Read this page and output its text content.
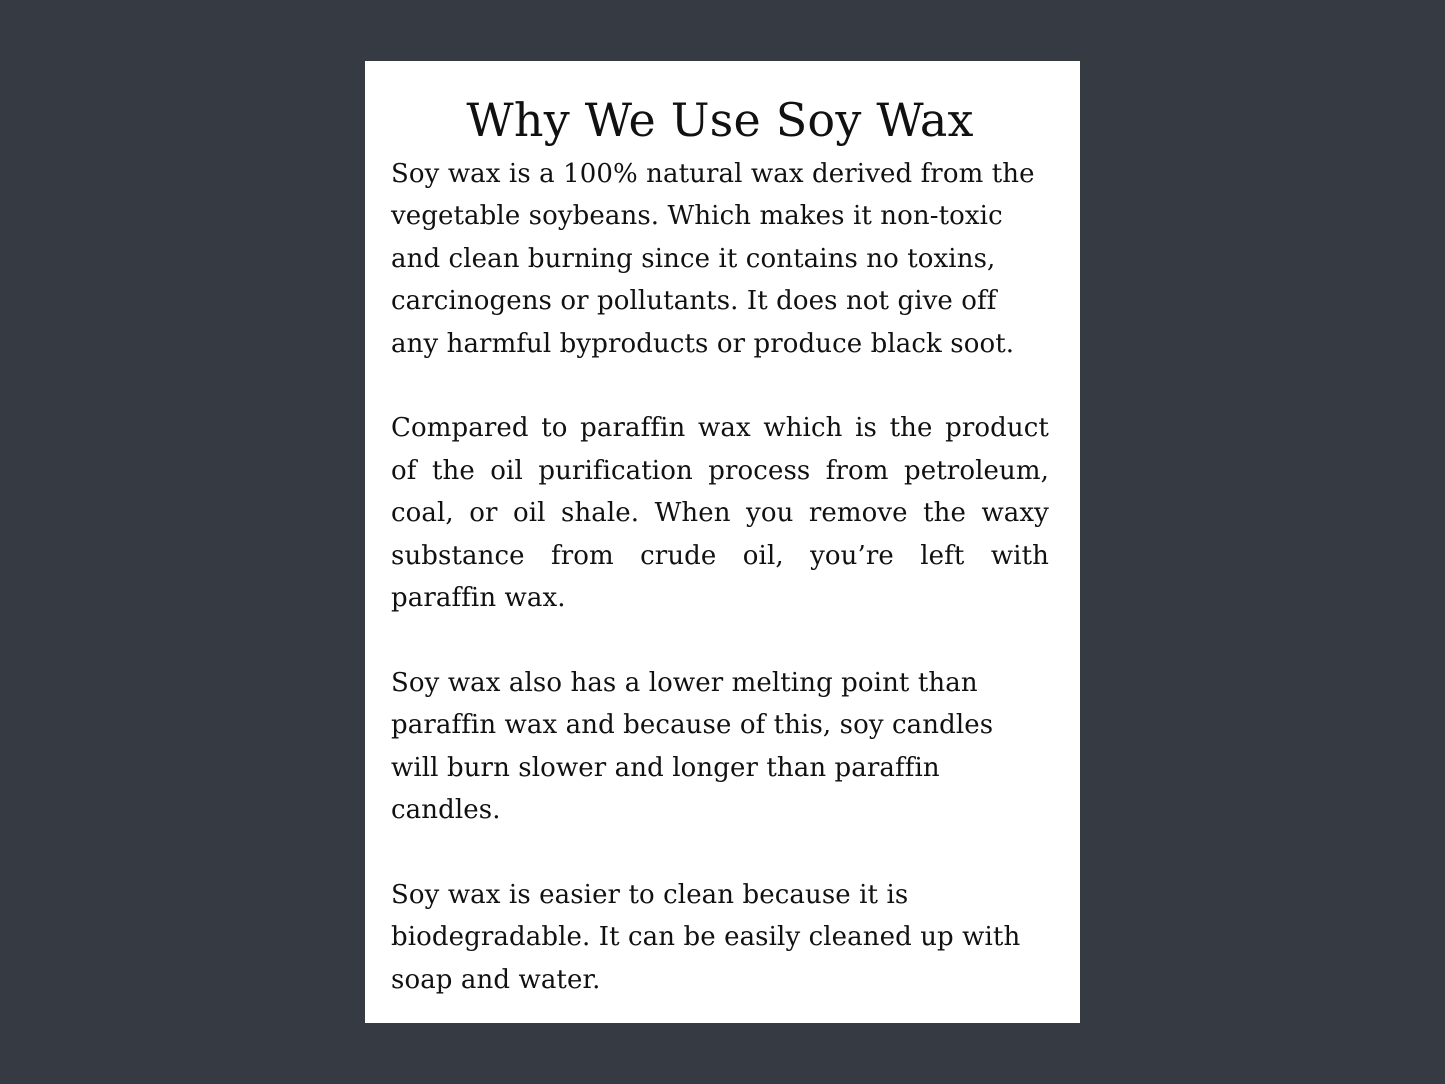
Why We Use Soy Wax

Soy wax is a 100% natural wax derived from the
vegetable soybeans. Which makes it non-toxic
and clean burning since it contains no toxins,
carcinogens or pollutants. It does not give off
any harmful byproducts or produce black soot.

Compared to paraffin wax which is the product
of the oil purification process from petroleum,
coal, or oil shale. When you remove the waxy
substance from crude oil, you’re left with
paraffin wax.

Soy wax also has a lower melting point than
paraffin wax and because of this, soy candles
will burn slower and longer than paraffin
candles.

Soy wax is easier to clean because it is
biodegradable. It can be easily cleaned up with
soap and water.
